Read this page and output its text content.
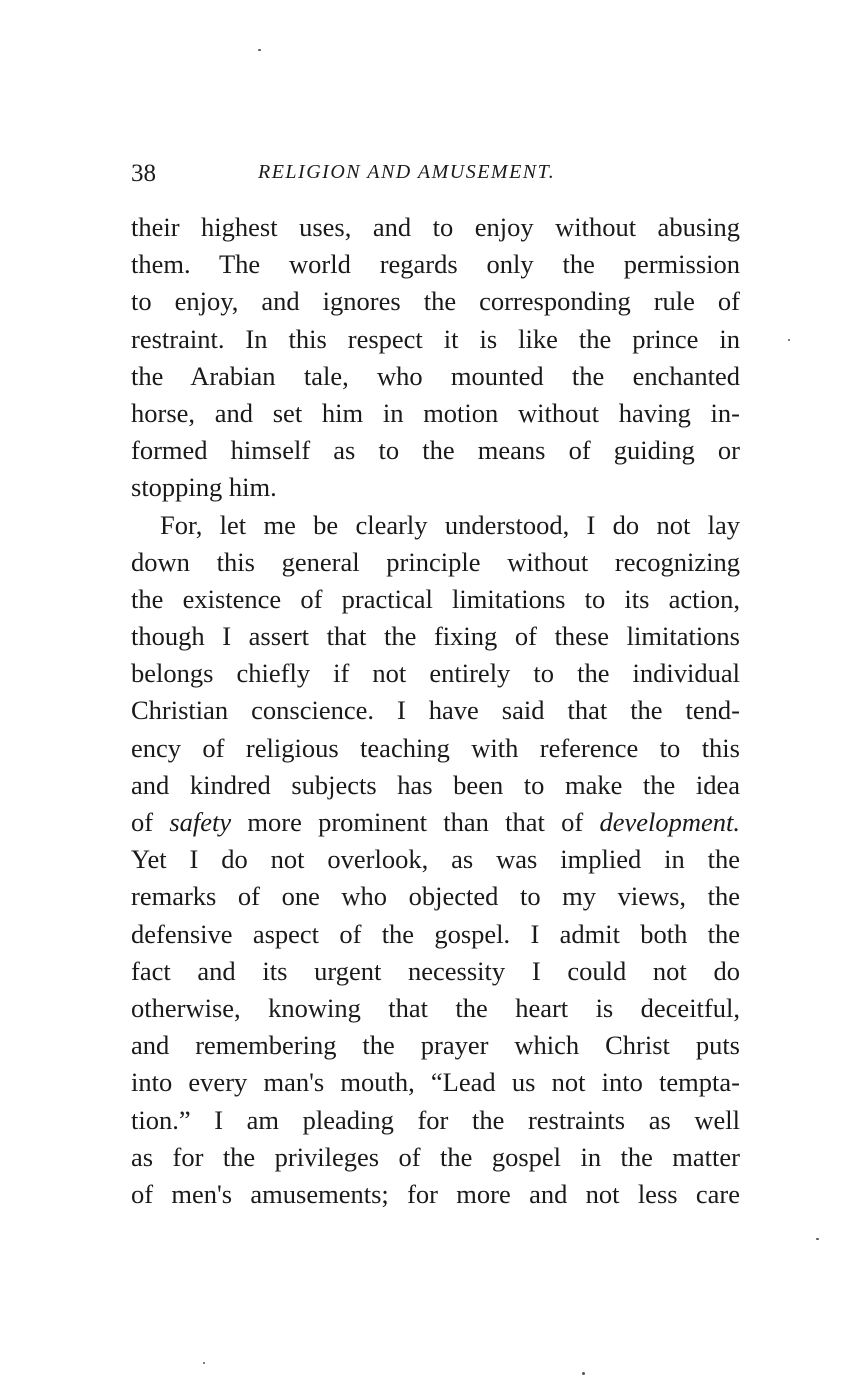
38	RELIGION AND AMUSEMENT.
their highest uses, and to enjoy without abusing
them. The world regards only the permission
to enjoy, and ignores the corresponding rule of
restraint. In this respect it is like the prince in
the Arabian tale, who mounted the enchanted
horse, and set him in motion without having in-
formed himself as to the means of guiding or
stopping him.
For, let me be clearly understood, I do not lay
down this general principle without recognizing
the existence of practical limitations to its action,
though I assert that the fixing of these limitations
belongs chiefly if not entirely to the individual
Christian conscience. I have said that the tend-
ency of religious teaching with reference to this
and kindred subjects has been to make the idea
of safety more prominent than that of development.
Yet I do not overlook, as was implied in the
remarks of one who objected to my views, the
defensive aspect of the gospel. I admit both the
fact and its urgent necessity I could not do
otherwise, knowing that the heart is deceitful,
and remembering the prayer which Christ puts
into every man's mouth, “Lead us not into tempta-
tion.” I am pleading for the restraints as well
as for the privileges of the gospel in the matter
of men's amusements; for more and not less care
